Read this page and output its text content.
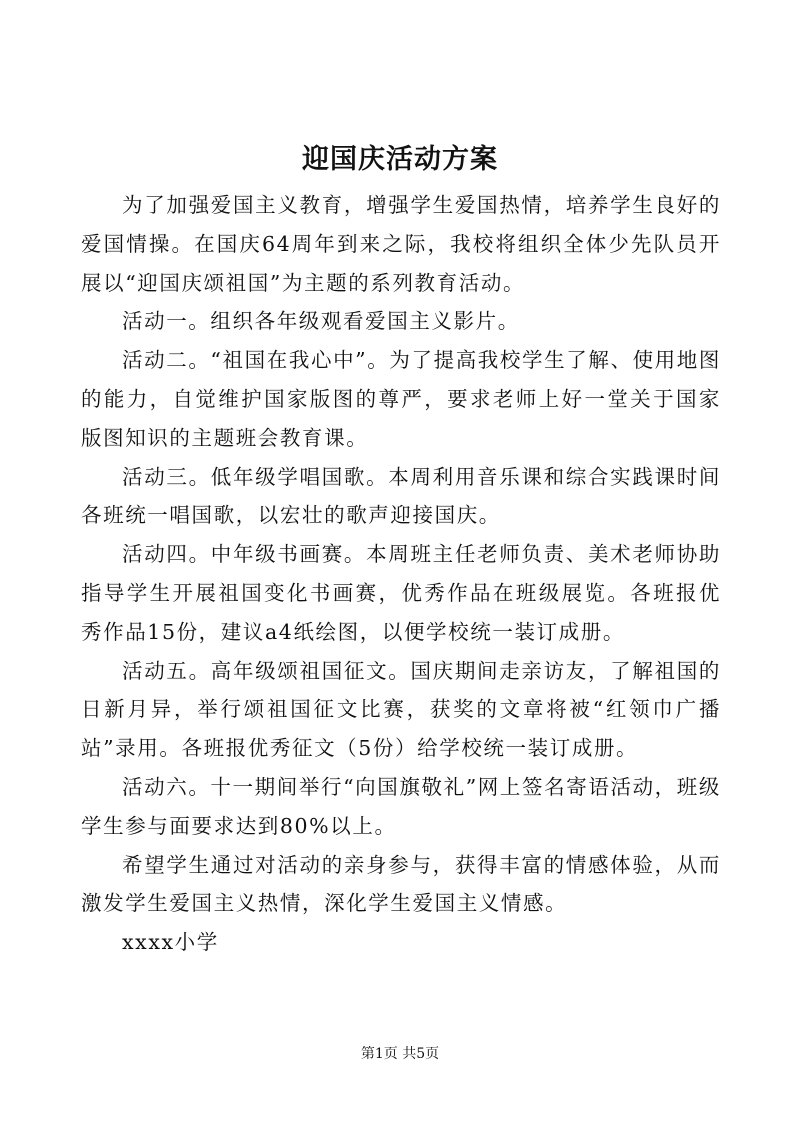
迎国庆活动方案

为了加强爱国主义教育，增强学生爱国热情，培养学生良好的爱国情操。在国庆64周年到来之际，我校将组织全体少先队员开展以“迎国庆颂祖国”为主题的系列教育活动。

活动一。组织各年级观看爱国主义影片。

活动二。“祖国在我心中”。为了提高我校学生了解、使用地图的能力，自觉维护国家版图的尊严，要求老师上好一堂关于国家版图知识的主题班会教育课。

活动三。低年级学唱国歌。本周利用音乐课和综合实践课时间各班统一唱国歌，以宏壮的歌声迎接国庆。

活动四。中年级书画赛。本周班主任老师负责、美术老师协助指导学生开展祖国变化书画赛，优秀作品在班级展览。各班报优秀作品15份，建议a4纸绘图，以便学校统一装订成册。

活动五。高年级颂祖国征文。国庆期间走亲访友，了解祖国的日新月异，举行颂祖国征文比赛，获奖的文章将被“红领巾广播站”录用。各班报优秀征文（5份）给学校统一装订成册。

活动六。十一期间举行“向国旗敬礼”网上签名寄语活动，班级学生参与面要求达到80%以上。

希望学生通过对活动的亲身参与，获得丰富的情感体验，从而激发学生爱国主义热情，深化学生爱国主义情感。

xxxx小学

第1页 共5页
